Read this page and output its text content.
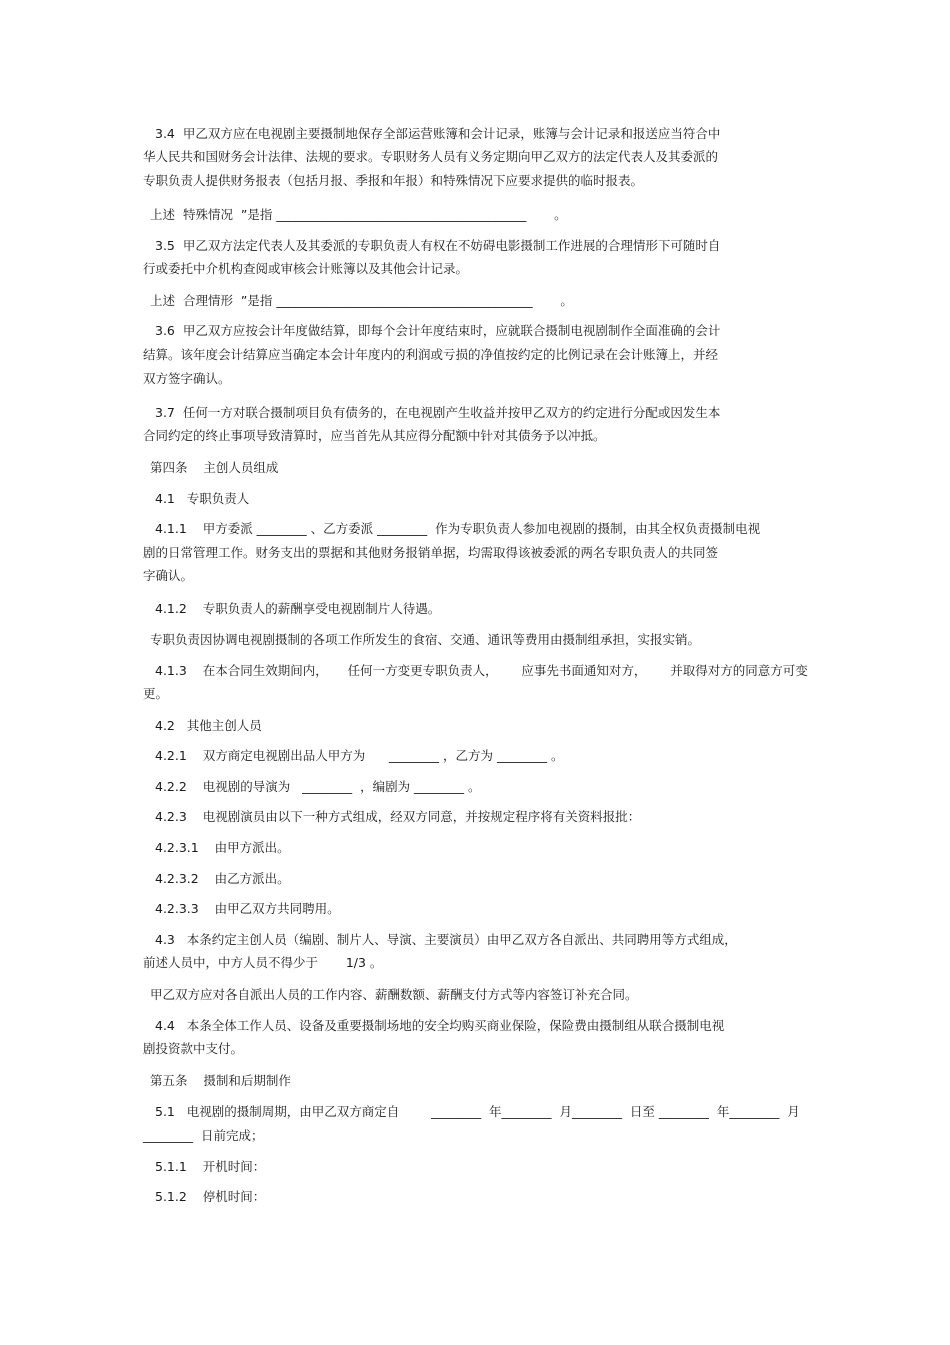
3.4  甲乙双方应在电视剧主要摄制地保存全部运营账簿和会计记录，账簿与会计记录和报送应当符合中
华人民共和国财务会计法律、法规的要求。专职财务人员有义务定期向甲乙双方的法定代表人及其委派的
专职负责人提供财务报表（包括月报、季报和年报）和特殊情况下应要求提供的临时报表。
上述  特殊情况  ”是指 ________________________________________       。
3.5  甲乙双方法定代表人及其委派的专职负责人有权在不妨碍电影摄制工作进展的合理情形下可随时自
行或委托中介机构查阅或审核会计账簿以及其他会计记录。
上述  合理情形  ”是指 _________________________________________       。
3.6  甲乙双方应按会计年度做结算，即每个会计年度结束时，应就联合摄制电视剧制作全面准确的会计
结算。该年度会计结算应当确定本会计年度内的利润或亏损的净值按约定的比例记录在会计账簿上，并经
双方签字确认。
3.7  任何一方对联合摄制项目负有债务的，在电视剧产生收益并按甲乙双方的约定进行分配或因发生本
合同约定的终止事项导致清算时，应当首先从其应得分配额中针对其债务予以冲抵。
第四条    主创人员组成
4.1   专职负责人
4.1.1    甲方委派 ________ 、乙方委派 ________  作为专职负责人参加电视剧的摄制，由其全权负责摄制电视
剧的日常管理工作。财务支出的票据和其他财务报销单据，均需取得该被委派的两名专职负责人的共同签
字确认。
4.1.2    专职负责人的薪酬享受电视剧制片人待遇。
专职负责因协调电视剧摄制的各项工作所发生的食宿、交通、通讯等费用由摄制组承担，实报实销。
4.1.3    在本合同生效期间内，     任何一方变更专职负责人，      应事先书面通知对方，      并取得对方的同意方可变
更。
4.2   其他主创人员
4.2.1    双方商定电视剧出品人甲方为      ________ ，乙方为 ________ 。
4.2.2    电视剧的导演为   ________  ，编剧为 ________ 。
4.2.3    电视剧演员由以下一种方式组成，经双方同意，并按规定程序将有关资料报批：
4.2.3.1    由甲方派出。
4.2.3.2    由乙方派出。
4.2.3.3    由甲乙双方共同聘用。
4.3   本条约定主创人员（编剧、制片人、导演、主要演员）由甲乙双方各自派出、共同聘用等方式组成，
前述人员中，中方人员不得少于       1/3 。
甲乙双方应对各自派出人员的工作内容、薪酬数额、薪酬支付方式等内容签订补充合同。
4.4   本条全体工作人员、设备及重要摄制场地的安全均购买商业保险，保险费由摄制组从联合摄制电视
剧投资款中支付。
第五条    摄制和后期制作
5.1   电视剧的摄制周期，由甲乙双方商定自        ________  年________  月________  日至 ________  年________  月
________  日前完成；
5.1.1    开机时间：
5.1.2    停机时间：
